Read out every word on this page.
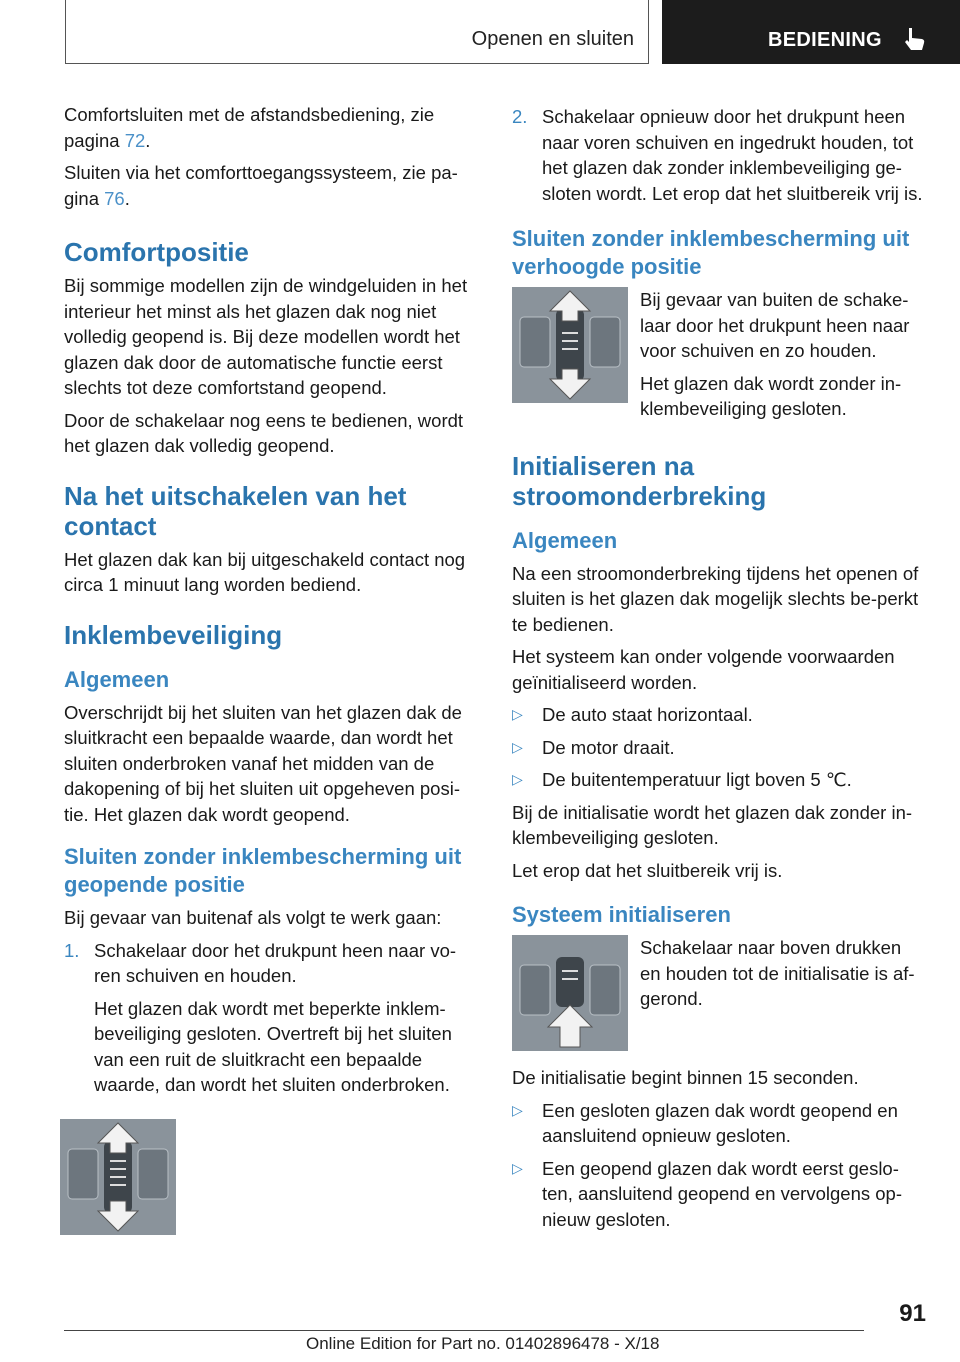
Openen en sluiten	BEDIENING

Comfortsluiten met de afstandsbediening, zie pagina 72.

Sluiten via het comforttoegangssysteem, zie pa‐gina 76.

Comfortpositie

Bij sommige modellen zijn de windgeluiden in het interieur het minst als het glazen dak nog niet volledig geopend is. Bij deze modellen wordt het glazen dak door de automatische functie eerst slechts tot deze comfortstand geopend.

Door de schakelaar nog eens te bedienen, wordt het glazen dak volledig geopend.

Na het uitschakelen van het contact

Het glazen dak kan bij uitgeschakeld contact nog circa 1 minuut lang worden bediend.

Inklembeveiliging
Algemeen

Overschrijdt bij het sluiten van het glazen dak de sluitkracht een bepaalde waarde, dan wordt het sluiten onderbroken vanaf het midden van de dakopening of bij het sluiten uit opgeheven posi‐tie. Het glazen dak wordt geopend.

Sluiten zonder inklembescherming uit geopende positie

Bij gevaar van buitenaf als volgt te werk gaan:

1. Schakelaar door het drukpunt heen naar vo‐ren schuiven en houden.

Het glazen dak wordt met beperkte inklem‐beveiliging gesloten. Overtreft bij het sluiten van een ruit de sluitkracht een bepaalde waarde, dan wordt het sluiten onderbroken.

2. Schakelaar opnieuw door het drukpunt heen naar voren schuiven en ingedrukt houden, tot het glazen dak zonder inklembeveiliging ge‐sloten wordt. Let erop dat het sluitbereik vrij is.

Sluiten zonder inklembescherming uit verhoogde positie

Bij gevaar van buiten de schake‐laar door het drukpunt heen naar voor schuiven en zo houden.

Het glazen dak wordt zonder in‐klembeveiliging gesloten.

Initialiseren na stroomonderbreking
Algemeen

Na een stroomonderbreking tijdens het openen of sluiten is het glazen dak mogelijk slechts be‐perkt te bedienen.

Het systeem kan onder volgende voorwaarden geïnitialiseerd worden.

▷	De auto staat horizontaal.
▷	De motor draait.
▷	De buitentemperatuur ligt boven 5 ℃.

Bij de initialisatie wordt het glazen dak zonder in‐klembeveiliging gesloten.

Let erop dat het sluitbereik vrij is.

Systeem initialiseren

Schakelaar naar boven drukken en houden tot de initialisatie is af‐gerond.

De initialisatie begint binnen 15 seconden.

▷	Een gesloten glazen dak wordt geopend en aansluitend opnieuw gesloten.
▷	Een geopend glazen dak wordt eerst geslo‐ten, aansluitend geopend en vervolgens op‐nieuw gesloten.
91
Online Edition for Part no. 01402896478 - X/18
